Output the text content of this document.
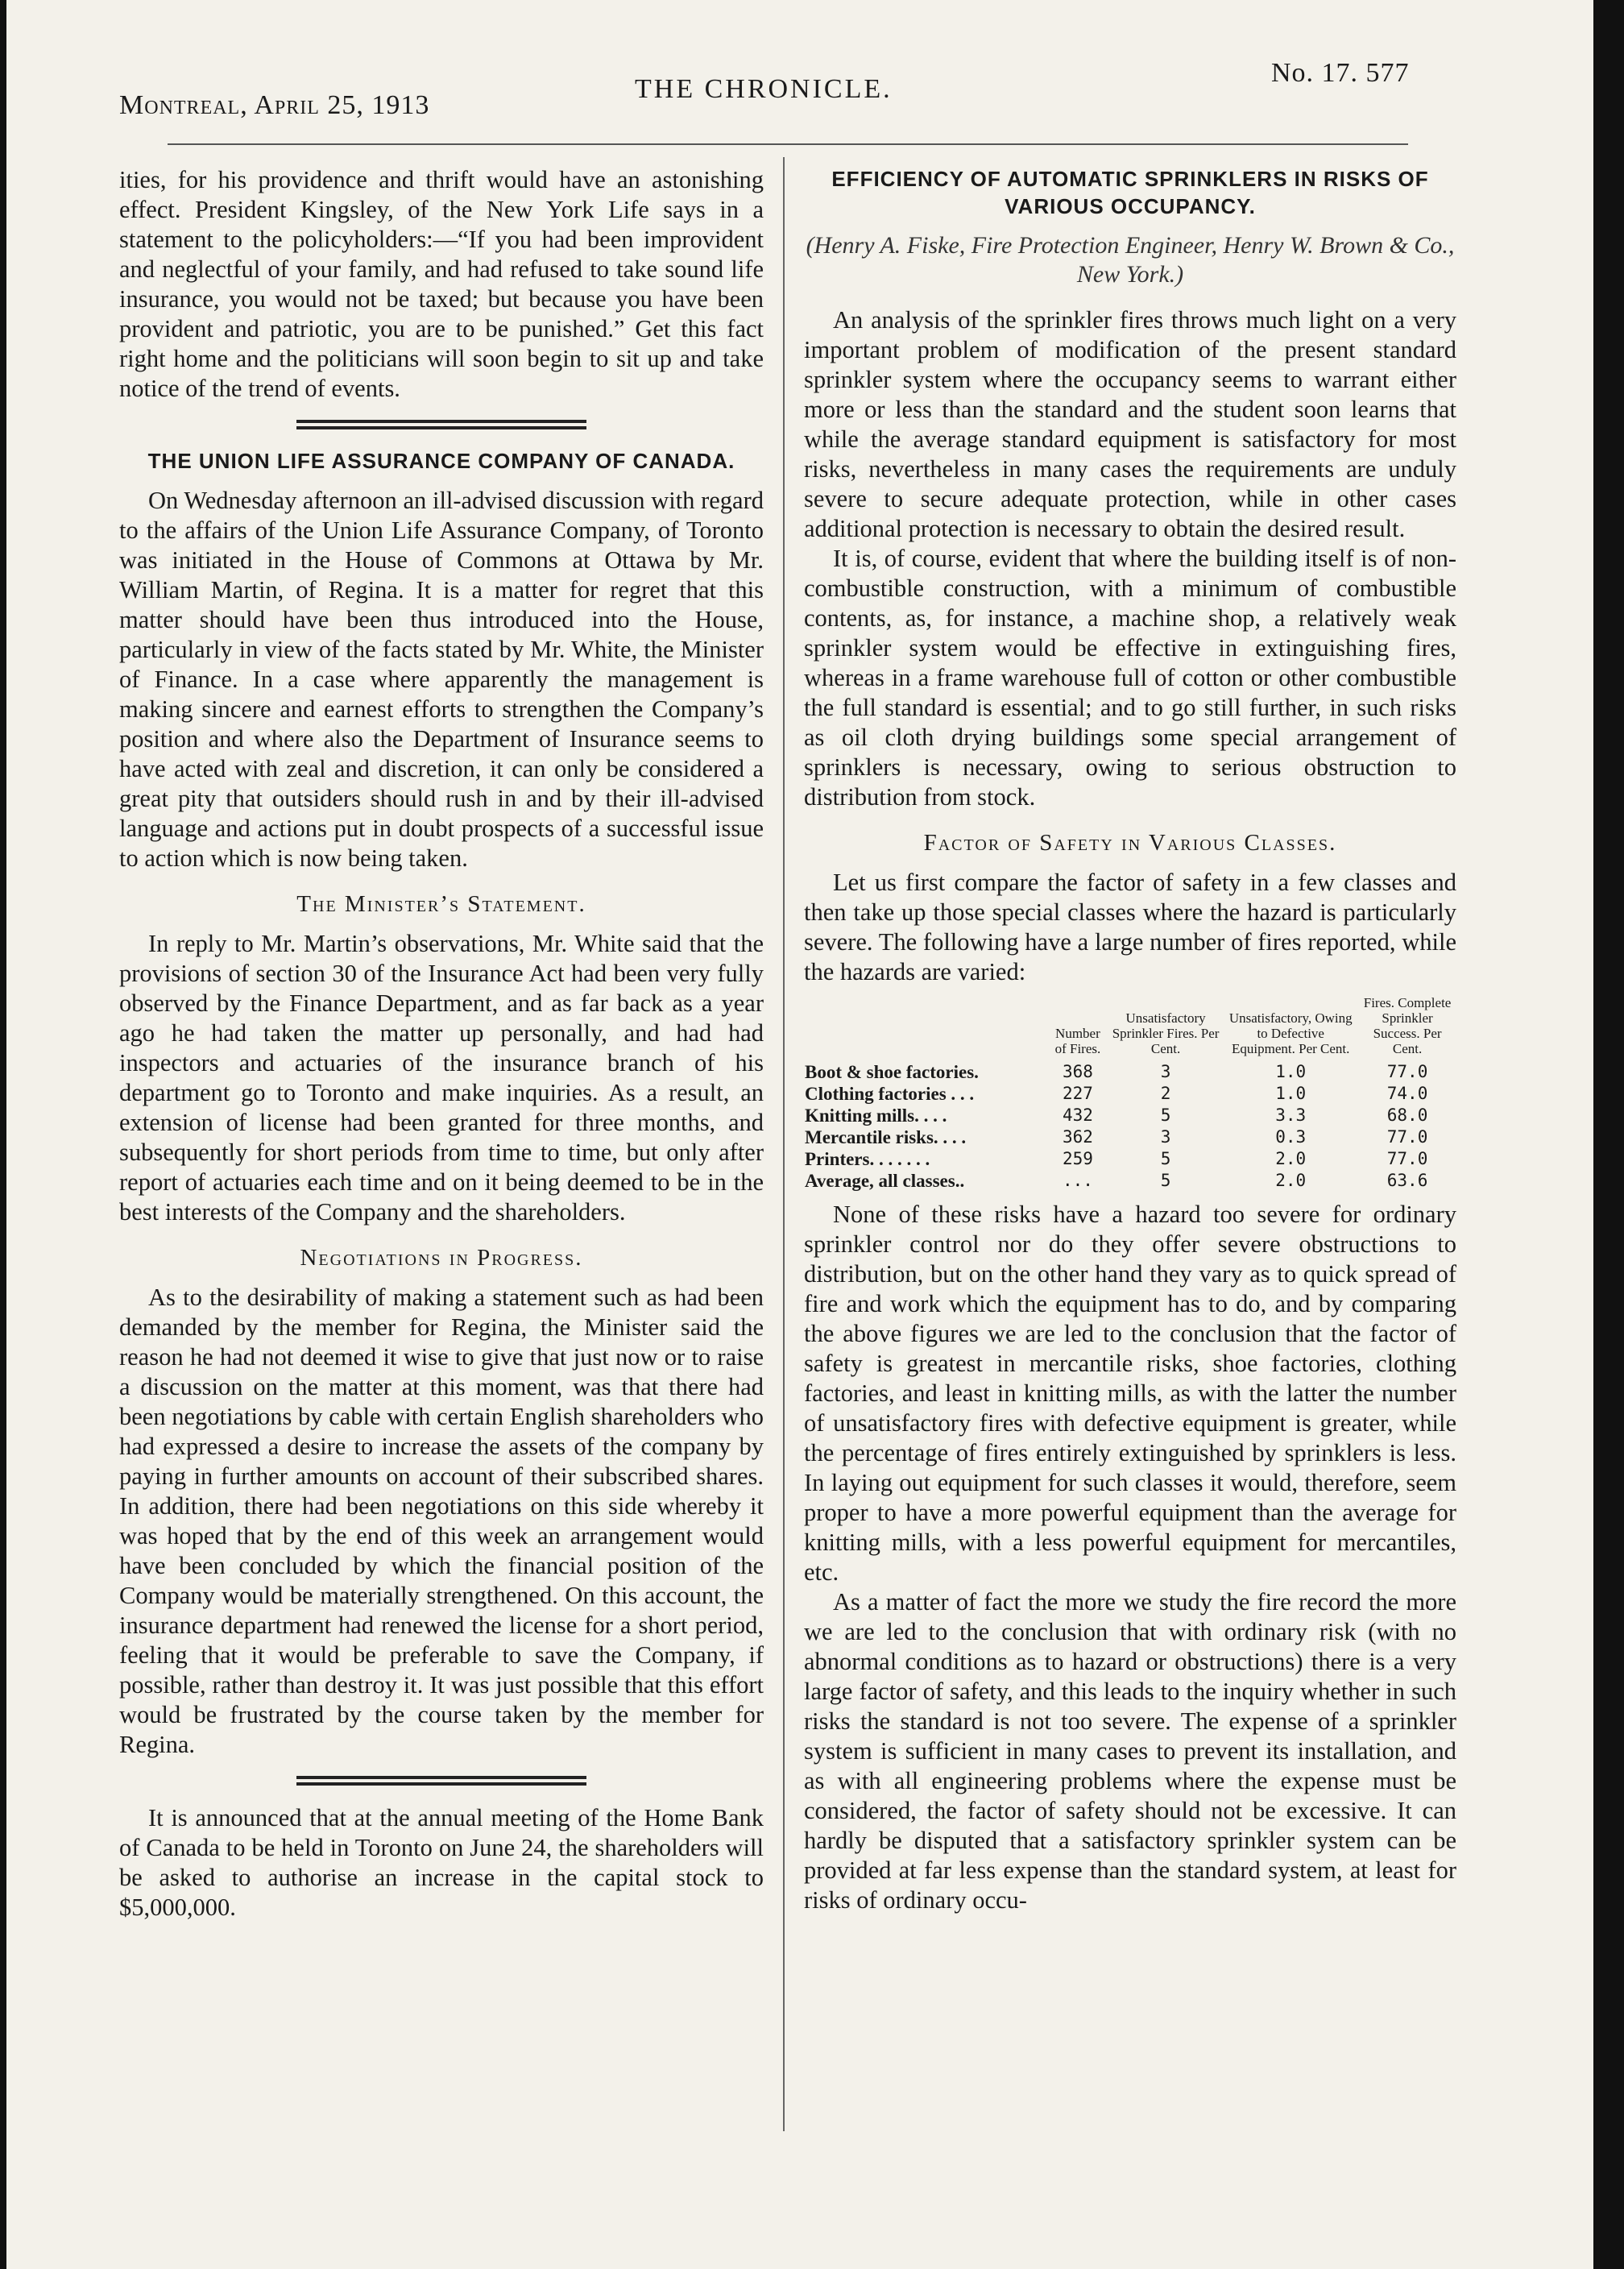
Montreal, April 25, 1913
THE CHRONICLE.
No. 17. 577

ities, for his providence and thrift would have an astonishing effect. President Kingsley, of the New York Life says in a statement to the policyholders:—“If you had been improvident and neglectful of your family, and had refused to take sound life insurance, you would not be taxed; but because you have been provident and patriotic, you are to be punished.” Get this fact right home and the politicians will soon begin to sit up and take notice of the trend of events.

THE UNION LIFE ASSURANCE COMPANY OF CANADA.

On Wednesday afternoon an ill-advised discussion with regard to the affairs of the Union Life Assurance Company, of Toronto was initiated in the House of Commons at Ottawa by Mr. William Martin, of Regina. It is a matter for regret that this matter should have been thus introduced into the House, particularly in view of the facts stated by Mr. White, the Minister of Finance. In a case where apparently the management is making sincere and earnest efforts to strengthen the Company’s position and where also the Department of Insurance seems to have acted with zeal and discretion, it can only be considered a great pity that outsiders should rush in and by their ill-advised language and actions put in doubt prospects of a successful issue to action which is now being taken.

The Minister’s Statement.

In reply to Mr. Martin’s observations, Mr. White said that the provisions of section 30 of the Insurance Act had been very fully observed by the Finance Department, and as far back as a year ago he had taken the matter up personally, and had had inspectors and actuaries of the insurance branch of his department go to Toronto and make inquiries. As a result, an extension of license had been granted for three months, and subsequently for short periods from time to time, but only after report of actuaries each time and on it being deemed to be in the best interests of the Company and the shareholders.

Negotiations in Progress.

As to the desirability of making a statement such as had been demanded by the member for Regina, the Minister said the reason he had not deemed it wise to give that just now or to raise a discussion on the matter at this moment, was that there had been negotiations by cable with certain English shareholders who had expressed a desire to increase the assets of the company by paying in further amounts on account of their subscribed shares. In addition, there had been negotiations on this side whereby it was hoped that by the end of this week an arrangement would have been concluded by which the financial position of the Company would be materially strengthened. On this account, the insurance department had renewed the license for a short period, feeling that it would be preferable to save the Company, if possible, rather than destroy it. It was just possible that this effort would be frustrated by the course taken by the member for Regina.

It is announced that at the annual meeting of the Home Bank of Canada to be held in Toronto on June 24, the shareholders will be asked to authorise an increase in the capital stock to $5,000,000.

EFFICIENCY OF AUTOMATIC SPRINKLERS IN RISKS OF VARIOUS OCCUPANCY.
(Henry A. Fiske, Fire Protection Engineer, Henry W. Brown & Co., New York.)

An analysis of the sprinkler fires throws much light on a very important problem of modification of the present standard sprinkler system where the occupancy seems to warrant either more or less than the standard and the student soon learns that while the average standard equipment is satisfactory for most risks, nevertheless in many cases the requirements are unduly severe to secure adequate protection, while in other cases additional protection is necessary to obtain the desired result.

It is, of course, evident that where the building itself is of non-combustible construction, with a minimum of combustible contents, as, for instance, a machine shop, a relatively weak sprinkler system would be effective in extinguishing fires, whereas in a frame warehouse full of cotton or other combustible the full standard is essential; and to go still further, in such risks as oil cloth drying buildings some special arrangement of sprinklers is necessary, owing to serious obstruction to distribution from stock.

Factor of Safety in Various Classes.

Let us first compare the factor of safety in a few classes and then take up those special classes where the hazard is particularly severe. The following have a large number of fires reported, while the hazards are varied:

	Number of Fires.	Unsatisfactory Sprinkler Fires. Per Cent.	Unsatisfactory, Owing to Defective Equipment. Per Cent.	Fires. Complete Sprinkler Success. Per Cent.
Boot & shoe factories.	368	3	1.0	77.0
Clothing factories . . .	227	2	1.0	74.0
Knitting mills. . . .	432	5	3.3	68.0
Mercantile risks. . . .	362	3	0.3	77.0
Printers. . . . . . .	259	5	2.0	77.0
Average, all classes..	...	5	2.0	63.6

None of these risks have a hazard too severe for ordinary sprinkler control nor do they offer severe obstructions to distribution, but on the other hand they vary as to quick spread of fire and work which the equipment has to do, and by comparing the above figures we are led to the conclusion that the factor of safety is greatest in mercantile risks, shoe factories, clothing factories, and least in knitting mills, as with the latter the number of unsatisfactory fires with defective equipment is greater, while the percentage of fires entirely extinguished by sprinklers is less. In laying out equipment for such classes it would, therefore, seem proper to have a more powerful equipment than the average for knitting mills, with a less powerful equipment for mercantiles, etc.

As a matter of fact the more we study the fire record the more we are led to the conclusion that with ordinary risk (with no abnormal conditions as to hazard or obstructions) there is a very large factor of safety, and this leads to the inquiry whether in such risks the standard is not too severe. The expense of a sprinkler system is sufficient in many cases to prevent its installation, and as with all engineering problems where the expense must be considered, the factor of safety should not be excessive. It can hardly be disputed that a satisfactory sprinkler system can be provided at far less expense than the standard system, at least for risks of ordinary occu-
